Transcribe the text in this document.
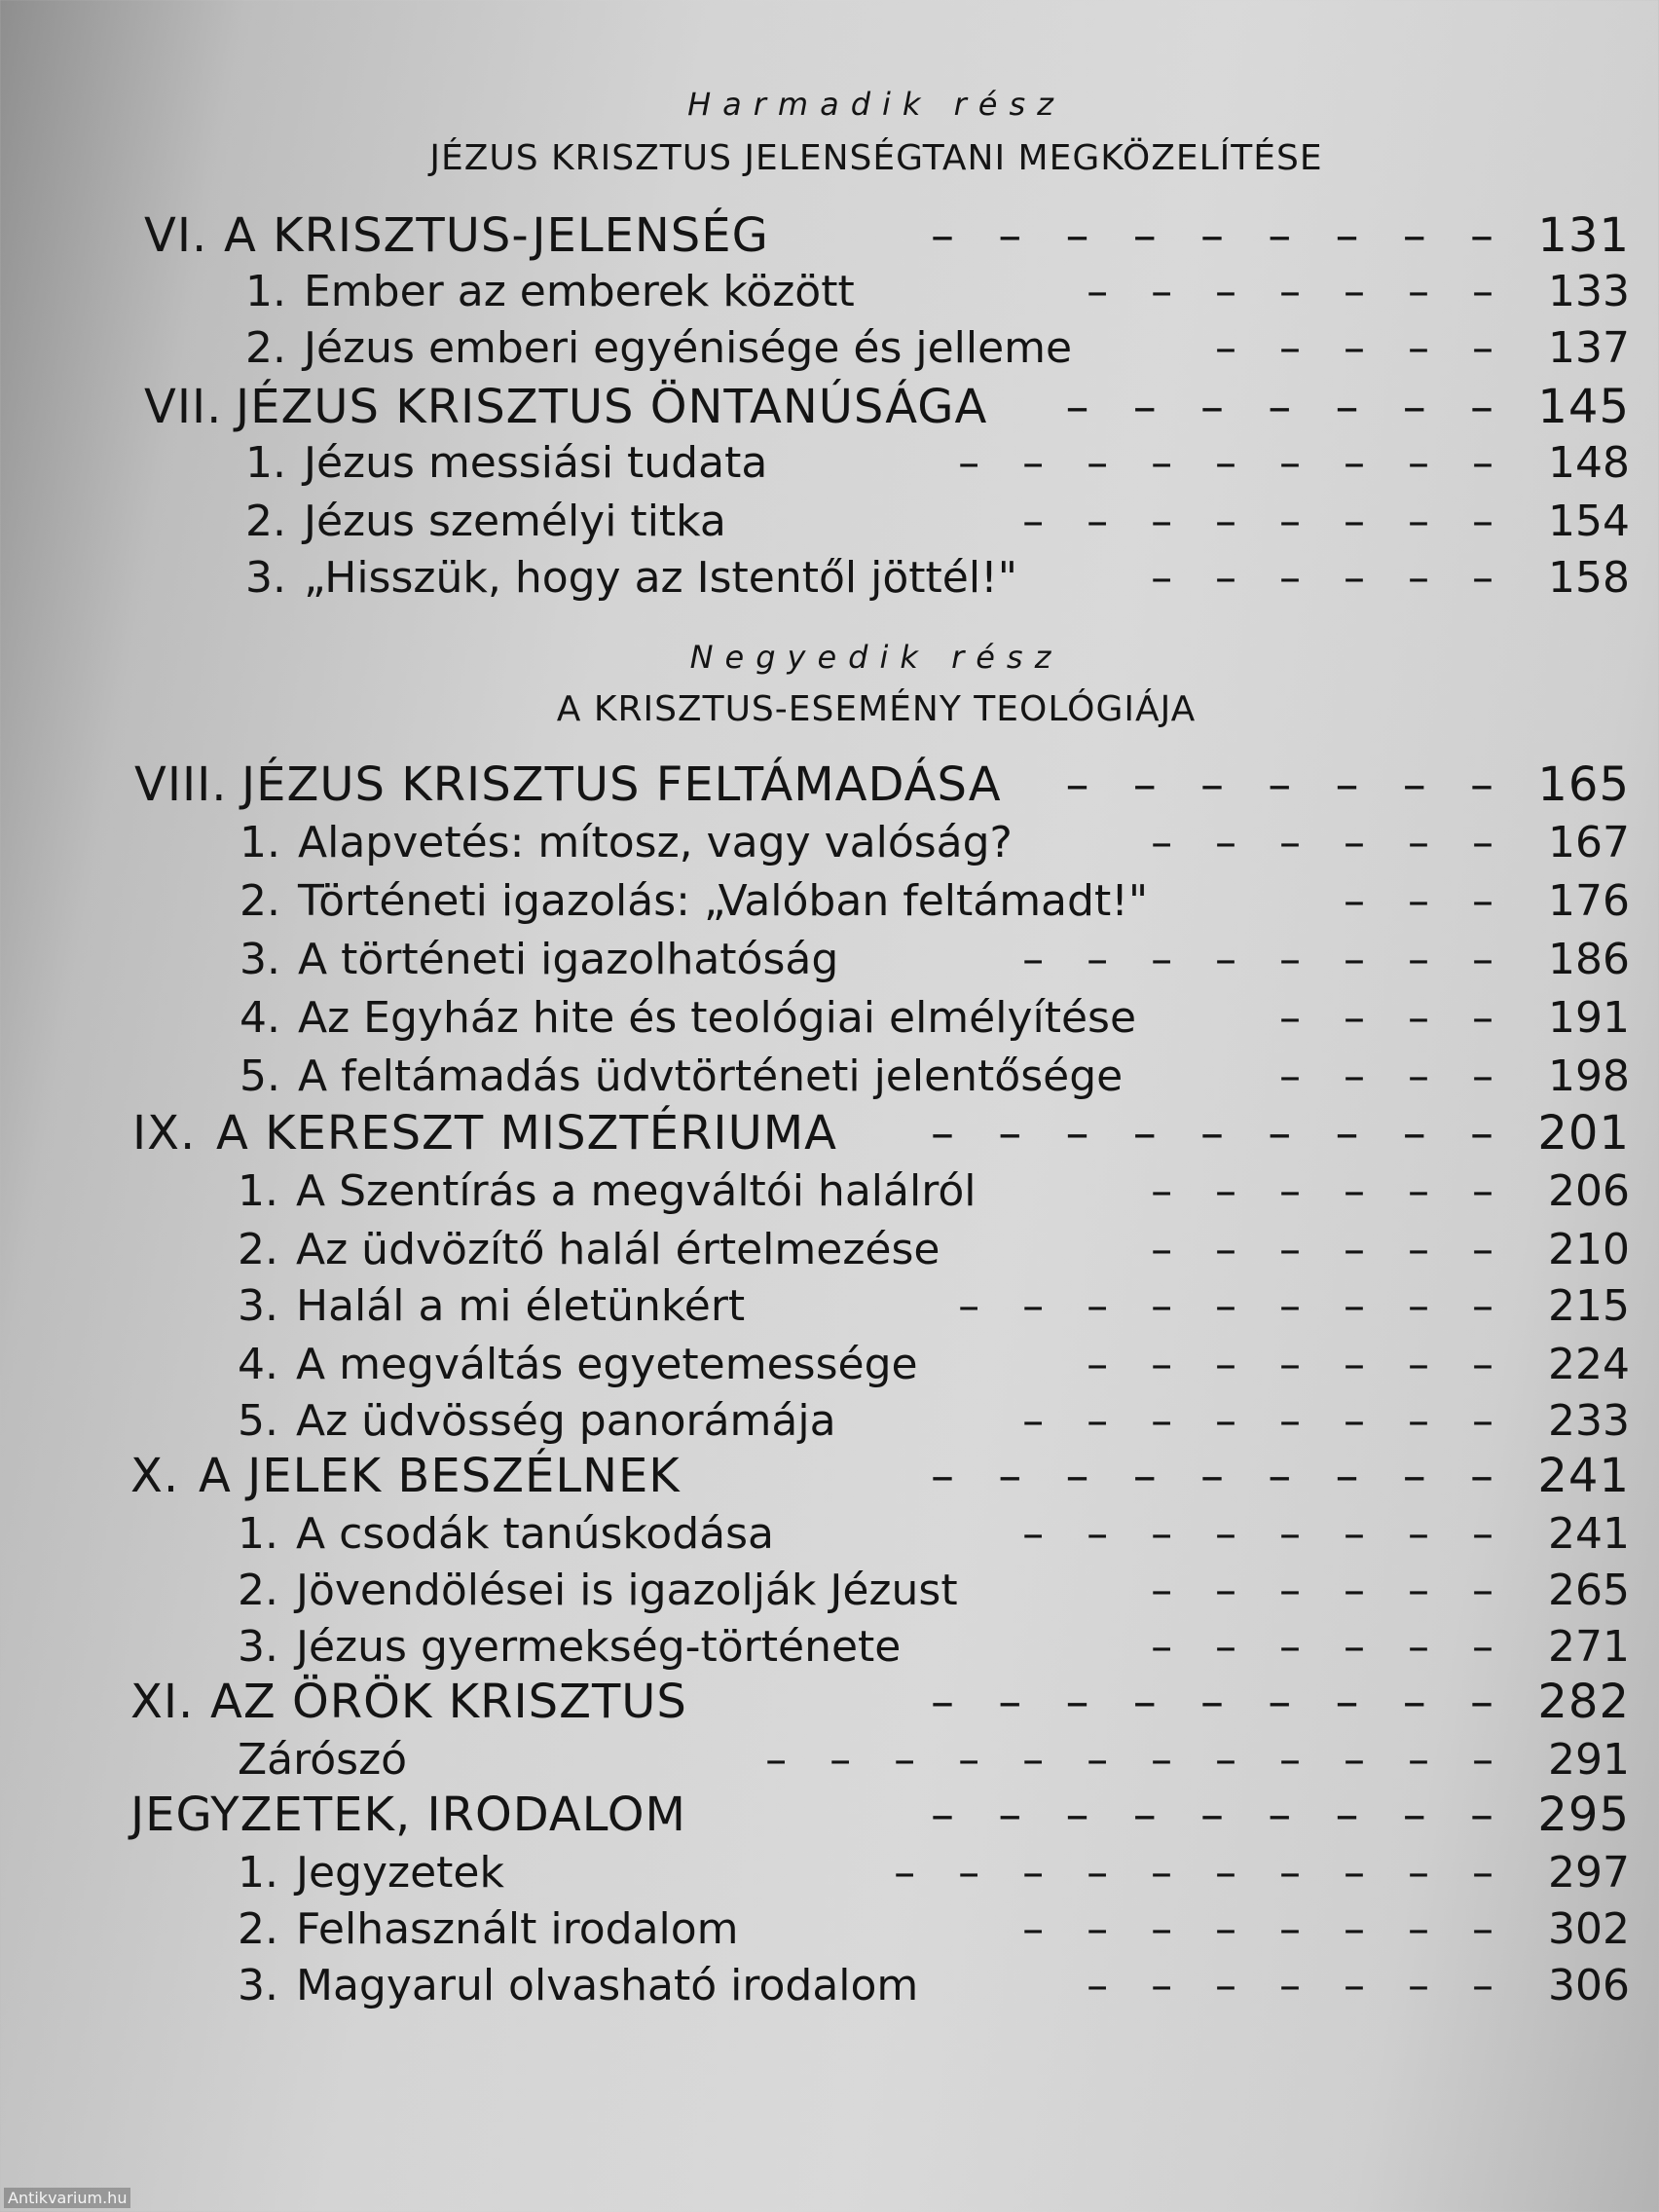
Harmadik rész
JÉZUS KRISZTUS JELENSÉGTANI MEGKÖZELÍTÉSE
VI. A KRISZTUS-JELENSÉG	– – – – – – – – – 131
1. Ember az emberek között	– – – – – – –	133
2. Jézus emberi egyénisége és jelleme	– – – – –	137
VII. JÉZUS KRISZTUS ÖNTANÚSÁGA – – – – – – – 145
1. Jézus messiási tudata	– – – – – – – – –	148
2. Jézus személyi titka	– – – – – – – –	154
3. „Hisszük, hogy az Istentől jöttél!"	– – – – – –	158
Negyedik rész
A KRISZTUS-ESEMÉNY TEOLÓGIÁJA
VIII. JÉZUS KRISZTUS FELTÁMADÁSA – – – – – – – 165
1. Alapvetés: mítosz, vagy valóság?	– – – – – –	167
2. Történeti igazolás: „Valóban feltámadt!"	– – –	176
3. A történeti igazolhatóság	– – – – – – – –	186
4. Az Egyház hite és teológiai elmélyítése	– – – –	191
5. A feltámadás üdvtörténeti jelentősége	– – – –	198
IX. A KERESZT MISZTÉRIUMA – – – – – – – – – 201
1. A Szentírás a megváltói halálról	– – – – – –	206
2. Az üdvözítő halál értelmezése	– – – – – –	210
3. Halál a mi életünkért	– – – – – – – – –	215
4. A megváltás egyetemessége	– – – – – – –	224
5. Az üdvösség panorámája	– – – – – – – –	233
X. A JELEK BESZÉLNEK	– – – – – – – – – 241
1. A csodák tanúskodása	– – – – – – – –	241
2. Jövendölései is igazolják Jézust	– – – – – –	265
3. Jézus gyermekség-története	– – – – – –	271
XI. AZ ÖRÖK KRISZTUS	– – – – – – – – – 282
Zárószó	– – – – – – – – – – – –	291
JEGYZETEK, IRODALOM	– – – – – – – – – 295
1. Jegyzetek	– – – – – – – – – –	297
2. Felhasznált irodalom	– – – – – – – –	302
3. Magyarul olvasható irodalom	– – – – – – –	306
Antikvarium.hu
